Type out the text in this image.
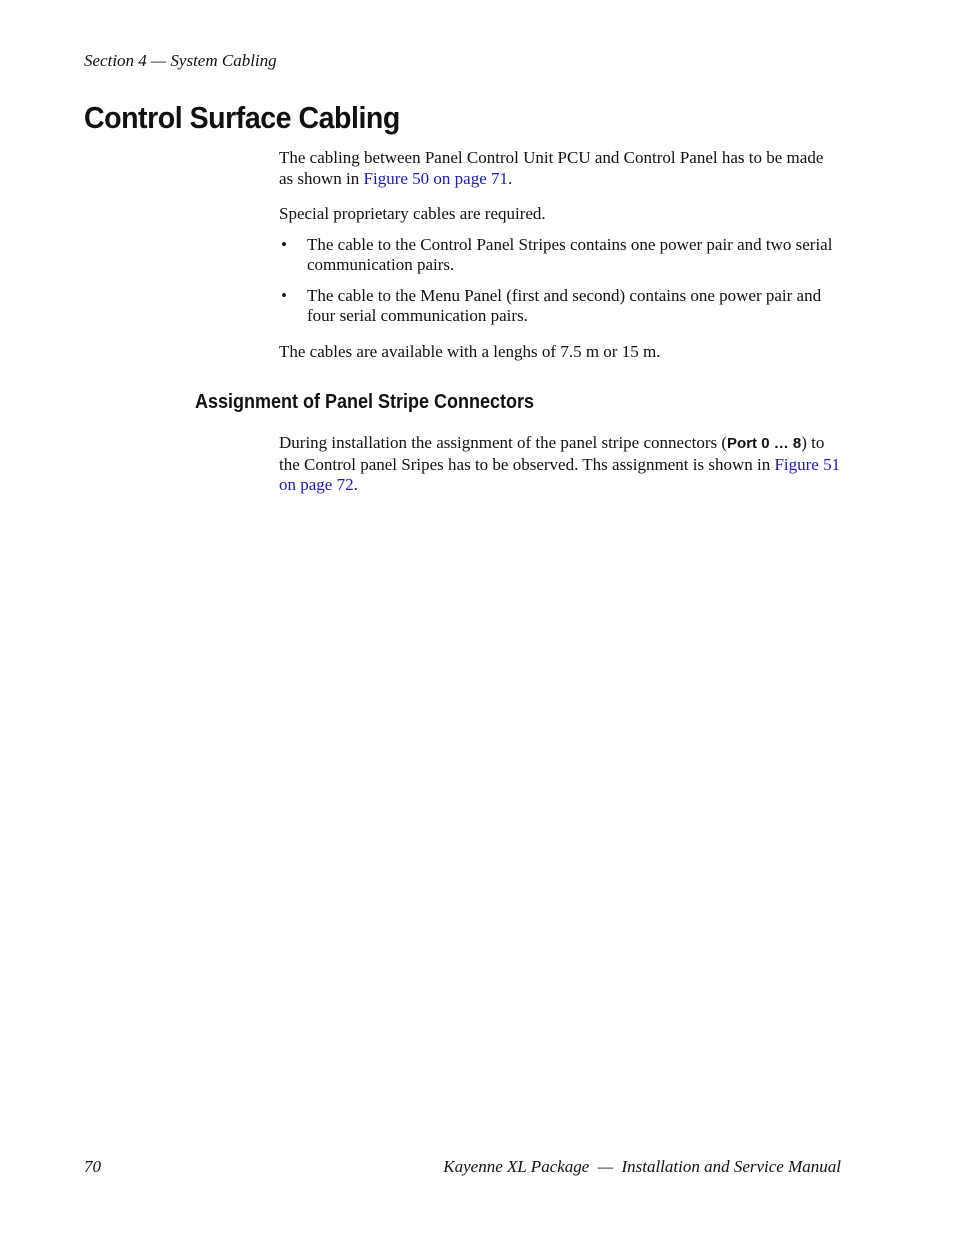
Section 4 — System Cabling

Control Surface Cabling

The cabling between Panel Control Unit PCU and Control Panel has to be made as shown in Figure 50 on page 71.

Special proprietary cables are required.

• The cable to the Control Panel Stripes contains one power pair and two serial communication pairs.
• The cable to the Menu Panel (first and second) contains one power pair and four serial communication pairs.

The cables are available with a lenghs of 7.5 m or 15 m.

Assignment of Panel Stripe Connectors

During installation the assignment of the panel stripe connectors (Port 0 … 8) to the Control panel Sripes has to be observed. Ths assignment is shown in Figure 51 on page 72.

70	Kayenne XL Package  —  Installation and Service Manual
